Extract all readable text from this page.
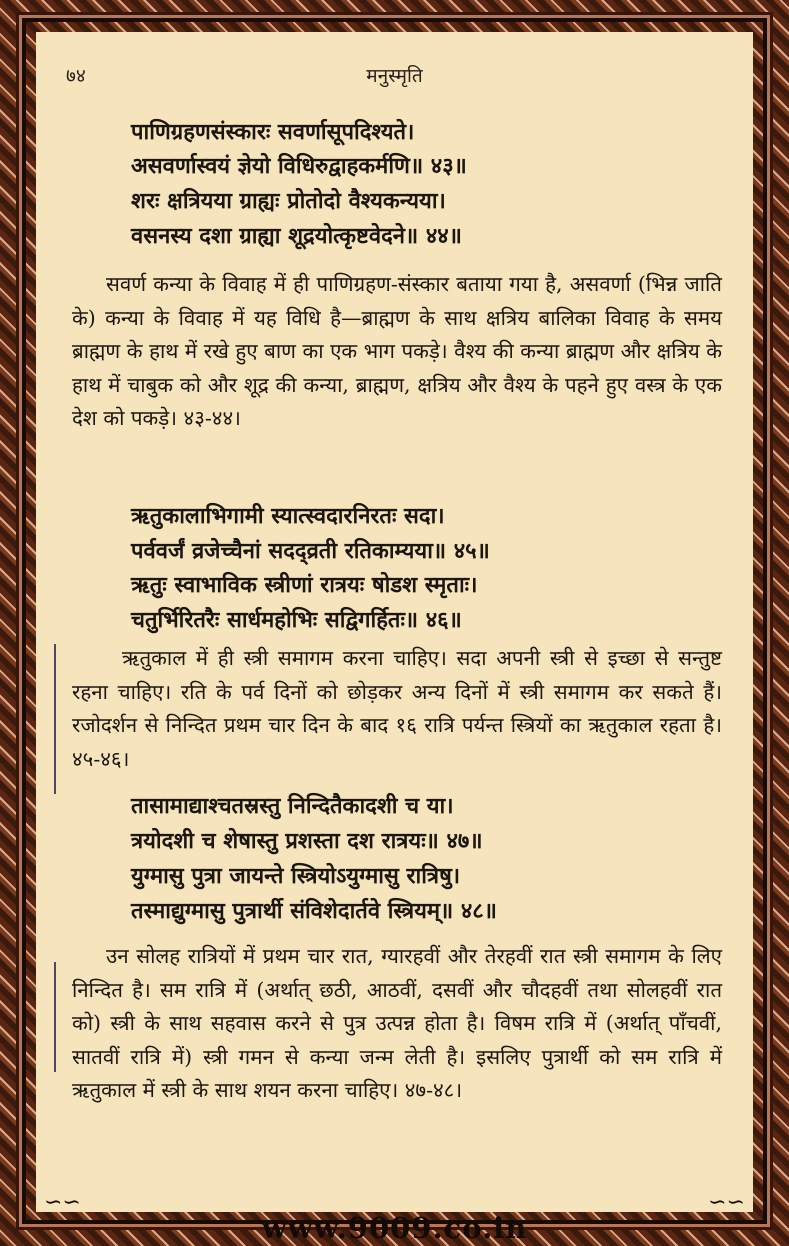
७४	मनुस्मृति
पाणिग्रहणसंस्कारः सवर्णासूपदिश्यते।
असवर्णास्वयं ज्ञेयो विधिरुद्वाहकर्मणि॥ ४३॥
शरः क्षत्रियया ग्राह्यः प्रोतोदो वैश्यकन्यया।
वसनस्य दशा ग्राह्या शूद्रयोत्कृष्टवेदने॥ ४४॥

सवर्ण कन्या के विवाह में ही पाणिग्रहण-संस्कार बताया गया है, असवर्णा (भिन्न जाति के) कन्या के विवाह में यह विधि है—ब्राह्मण के साथ क्षत्रिय बालिका विवाह के समय ब्राह्मण के हाथ में रखे हुए बाण का एक भाग पकड़े। वैश्य की कन्या ब्राह्मण और क्षत्रिय के हाथ में चाबुक को और शूद्र की कन्या, ब्राह्मण, क्षत्रिय और वैश्य के पहने हुए वस्त्र के एक देश को पकड़े। ४३-४४।

ऋतुकालाभिगामी स्यात्स्वदारनिरतः सदा।
पर्ववर्जं व्रजेच्चैनां सदद्व्रती रतिकाम्यया॥ ४५॥
ऋतुः स्वाभाविक स्त्रीणां रात्रयः षोडश स्मृताः।
चतुर्भिरितरैः सार्धमहोभिः सद्विगर्हितः॥ ४६॥

ऋतुकाल में ही स्त्री समागम करना चाहिए। सदा अपनी स्त्री से इच्छा से सन्तुष्ट रहना चाहिए। रति के पर्व दिनों को छोड़कर अन्य दिनों में स्त्री समागम कर सकते हैं। रजोदर्शन से निन्दित प्रथम चार दिन के बाद १६ रात्रि पर्यन्त स्त्रियों का ऋतुकाल रहता है। ४५-४६।

तासामाद्याश्चतस्रस्तु निन्दितैकादशी च या।
त्रयोदशी च शेषास्तु प्रशस्ता दश रात्रयः॥ ४७॥
युग्मासु पुत्रा जायन्ते स्त्रियोऽयुग्मासु रात्रिषु।
तस्माद्युग्मासु पुत्रार्थी संविशेदार्तवे स्त्रियम्॥ ४८॥

उन सोलह रात्रियों में प्रथम चार रात, ग्यारहवीं और तेरहवीं रात स्त्री समागम के लिए निन्दित है। सम रात्रि में (अर्थात् छठी, आठवीं, दसवीं और चौदहवीं तथा सोलहवीं रात को) स्त्री के साथ सहवास करने से पुत्र उत्पन्न होता है। विषम रात्रि में (अर्थात् पाँचवीं, सातवीं रात्रि में) स्त्री गमन से कन्या जन्म लेती है। इसलिए पुत्रार्थी को सम रात्रि में ऋतुकाल में स्त्री के साथ शयन करना चाहिए। ४७-४८।

∽∽	∽∽
www.9009.co.in
